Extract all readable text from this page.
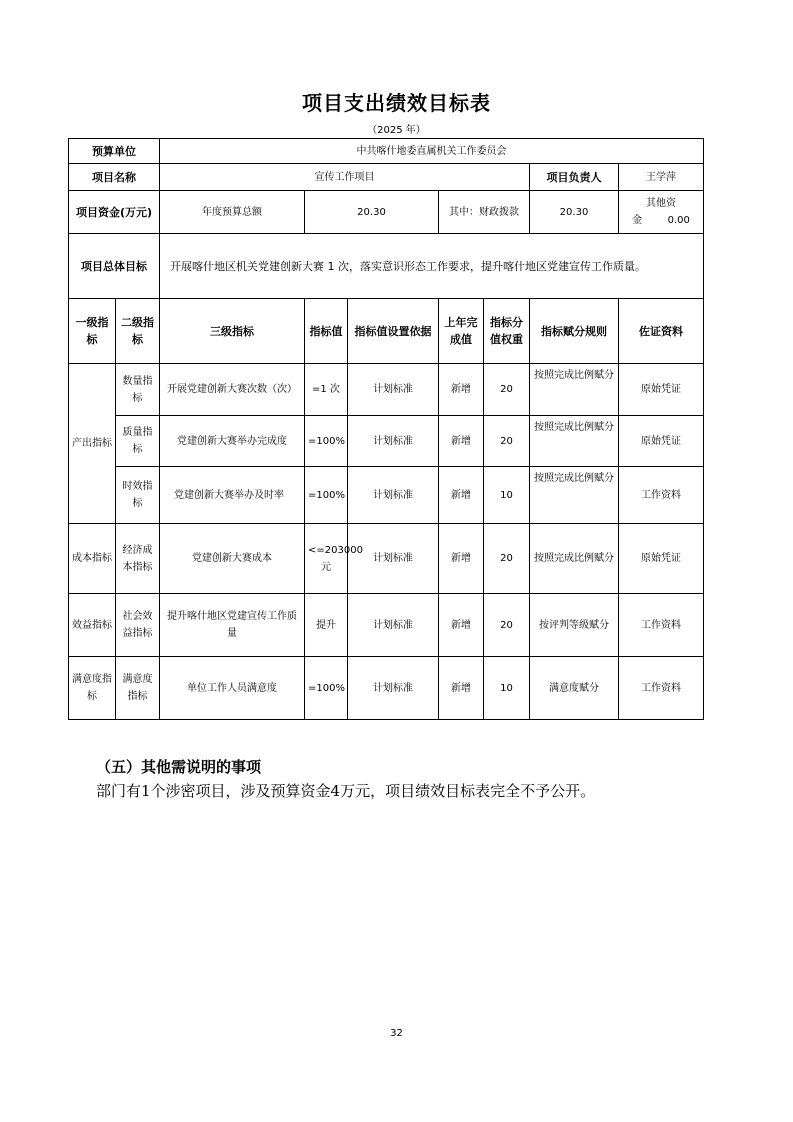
项目支出绩效目标表
（2025 年）
预算单位		中共喀什地委直属机关工作委员会						
项目名称		宣传工作项目					项目负责人	王学萍
项目资金(万元)		年度预算总额	20.30		其中：财政拨款		20.30	其他资金 0.00
项目总体目标		开展喀什地区机关党建创新大赛 1 次，落实意识形态工作要求，提升喀什地区党建宣传工作质量。						
一级指标	二级指标	三级指标	指标值	指标值设置依据	上年完成值	指标分值权重	指标赋分规则	佐证资料
产出指标	数量指标	开展党建创新大赛次数（次）	=1 次	计划标准	新增	20	按照完成比例赋分	原始凭证
	质量指标	党建创新大赛举办完成度	=100%	计划标准	新增	20	按照完成比例赋分	原始凭证
	时效指标	党建创新大赛举办及时率	=100%	计划标准	新增	10	按照完成比例赋分	工作资料
成本指标	经济成本指标	党建创新大赛成本	<=203000 元	计划标准	新增	20	按照完成比例赋分	原始凭证
效益指标	社会效益指标	提升喀什地区党建宣传工作质量	提升	计划标准	新增	20	按评判等级赋分	工作资料
满意度指标	满意度指标	单位工作人员满意度	=100%	计划标准	新增	10	满意度赋分	工作资料
（五）其他需说明的事项
部门有1个涉密项目，涉及预算资金4万元，项目绩效目标表完全不予公开。
32
